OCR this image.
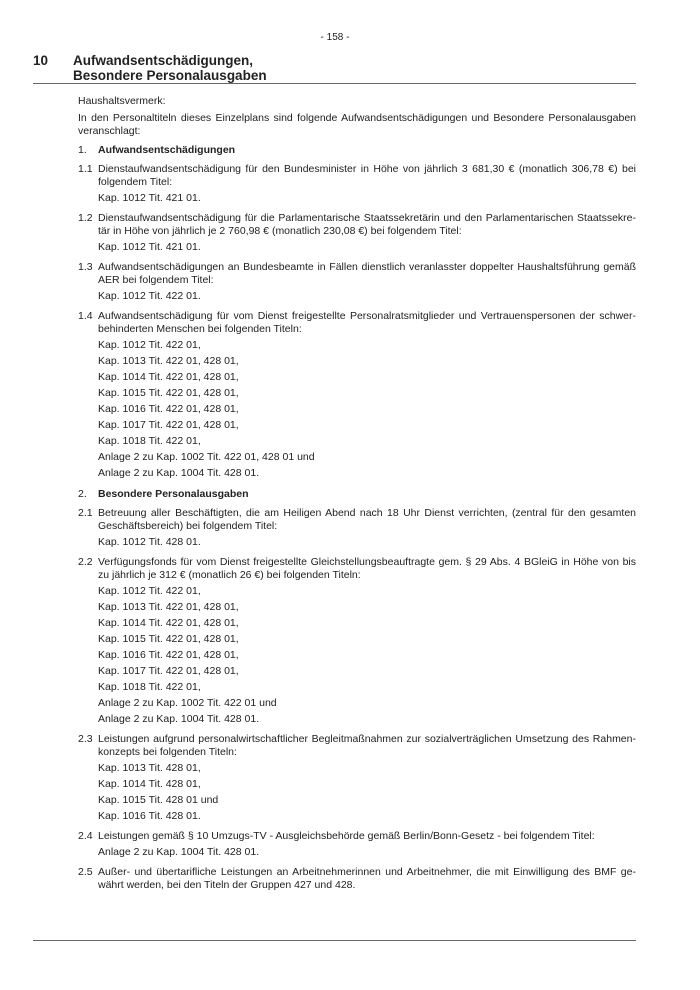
- 158 -
10 Aufwandsentschädigungen,
Besondere Personalausgaben
Haushaltsvermerk:
In den Personaltiteln dieses Einzelplans sind folgende Aufwandsentschädigungen und Besondere Personalausgaben
veranschlagt:
1.	Aufwandsentschädigungen
1.1 Dienstaufwandsentschädigung für den Bundesminister in Höhe von jährlich 3 681,30 € (monatlich 306,78 €) bei
folgendem Titel:
Kap. 1012 Tit. 421 01.
1.2 Dienstaufwandsentschädigung für die Parlamentarische Staatssekretärin und den Parlamentarischen Staatssekre-
tär in Höhe von jährlich je 2 760,98 € (monatlich 230,08 €) bei folgendem Titel:
Kap. 1012 Tit. 421 01.
1.3 Aufwandsentschädigungen an Bundesbeamte in Fällen dienstlich veranlasster doppelter Haushaltsführung gemäß
AER bei folgendem Titel:
Kap. 1012 Tit. 422 01.
1.4 Aufwandsentschädigung für vom Dienst freigestellte Personalratsmitglieder und Vertrauenspersonen der schwer-
behinderten Menschen bei folgenden Titeln:
Kap. 1012 Tit. 422 01,
Kap. 1013 Tit. 422 01, 428 01,
Kap. 1014 Tit. 422 01, 428 01,
Kap. 1015 Tit. 422 01, 428 01,
Kap. 1016 Tit. 422 01, 428 01,
Kap. 1017 Tit. 422 01, 428 01,
Kap. 1018 Tit. 422 01,
Anlage 2 zu Kap. 1002 Tit. 422 01, 428 01 und
Anlage 2 zu Kap. 1004 Tit. 428 01.
2.	Besondere Personalausgaben
2.1 Betreuung aller Beschäftigten, die am Heiligen Abend nach 18 Uhr Dienst verrichten, (zentral für den gesamten
Geschäftsbereich) bei folgendem Titel:
Kap. 1012 Tit. 428 01.
2.2 Verfügungsfonds für vom Dienst freigestellte Gleichstellungsbeauftragte gem. § 29 Abs. 4 BGleiG in Höhe von bis
zu jährlich je 312 € (monatlich 26 €) bei folgenden Titeln:
Kap. 1012 Tit. 422 01,
Kap. 1013 Tit. 422 01, 428 01,
Kap. 1014 Tit. 422 01, 428 01,
Kap. 1015 Tit. 422 01, 428 01,
Kap. 1016 Tit. 422 01, 428 01,
Kap. 1017 Tit. 422 01, 428 01,
Kap. 1018 Tit. 422 01,
Anlage 2 zu Kap. 1002 Tit. 422 01 und
Anlage 2 zu Kap. 1004 Tit. 428 01.
2.3 Leistungen aufgrund personalwirtschaftlicher Begleitmaßnahmen zur sozialverträglichen Umsetzung des Rahmen-
konzepts bei folgenden Titeln:
Kap. 1013 Tit. 428 01,
Kap. 1014 Tit. 428 01,
Kap. 1015 Tit. 428 01 und
Kap. 1016 Tit. 428 01.
2.4 Leistungen gemäß § 10 Umzugs-TV - Ausgleichsbehörde gemäß Berlin/Bonn-Gesetz - bei folgendem Titel:
Anlage 2 zu Kap. 1004 Tit. 428 01.
2.5 Außer- und übertarifliche Leistungen an Arbeitnehmerinnen und Arbeitnehmer, die mit Einwilligung des BMF ge-
währt werden, bei den Titeln der Gruppen 427 und 428.
